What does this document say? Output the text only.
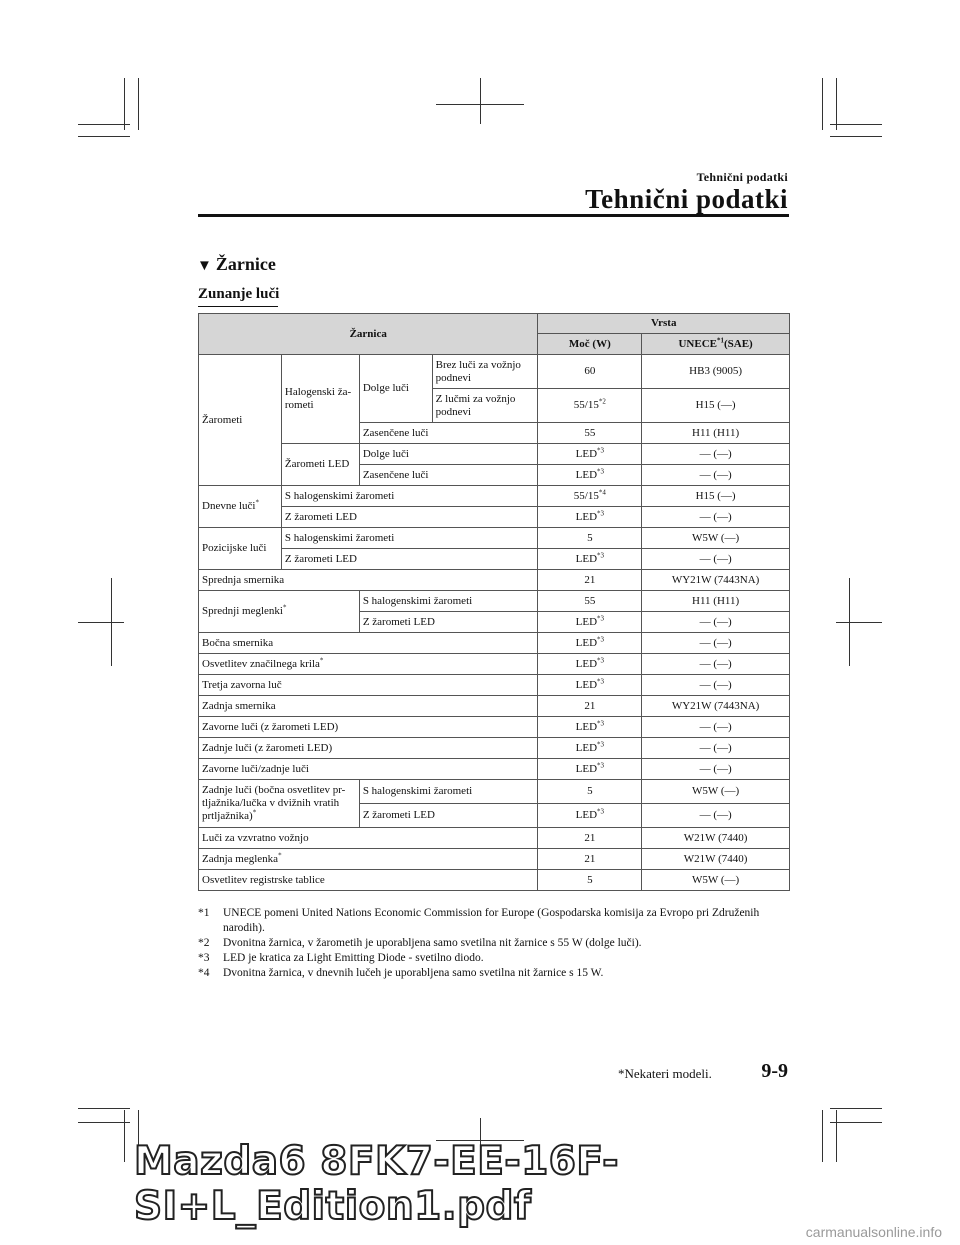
Tehnični podatki
Tehnični podatki
▼ Žarnice
Zunanje luči
Žarnica				Vrsta	
				Moč (W)	UNECE$^{*1}$(SAE)
Žarometi	Halogenski ža-rometi	Dolge luči	Brez luči za vožnjo podnevi	60	HB3 (9005)
			Z lučmi za vožnjo podnevi	55/15$^{*2}$	H15 (—)
		Zasenčene luči		55	H11 (H11)
	Žarometi LED	Dolge luči		LED$^{*3}$	— (—)
		Zasenčene luči		LED$^{*3}$	— (—)
Dnevne luči*	S halogenskimi žarometi			55/15$^{*4}$	H15 (—)
	Z žarometi LED			LED$^{*3}$	— (—)
Pozicijske luči	S halogenskimi žarometi			5	W5W (—)
	Z žarometi LED			LED$^{*3}$	— (—)
Sprednja smernika				21	WY21W (7443NA)
Sprednji meglenki*		S halogenskimi žarometi		55	H11 (H11)
		Z žarometi LED		LED$^{*3}$	— (—)
Bočna smernika				LED$^{*3}$	— (—)
Osvetlitev značilnega krila*				LED$^{*3}$	— (—)
Tretja zavorna luč				LED$^{*3}$	— (—)
Zadnja smernika				21	WY21W (7443NA)
Zavorne luči (z žarometi LED)				LED$^{*3}$	— (—)
Zadnje luči (z žarometi LED)				LED$^{*3}$	— (—)
Zavorne luči/zadnje luči				LED$^{*3}$	— (—)
Zadnje luči (bočna osvetlitev pr-tljažnika/lučka v dvižnih vratih prtljažnika)*		S halogenskimi žarometi		5	W5W (—)
		Z žarometi LED		LED$^{*3}$	— (—)
Luči za vzvratno vožnjo				21	W21W (7440)
Zadnja meglenka*				21	W21W (7440)
Osvetlitev registrske tablice				5	W5W (—)
*1	UNECE pomeni United Nations Economic Commission for Europe (Gospodarska komisija za Evropo pri Združenih narodih).
*2	Dvonitna žarnica, v žarometih je uporabljena samo svetilna nit žarnice s 55 W (dolge luči).
*3	LED je kratica za Light Emitting Diode - svetilno diodo.
*4	Dvonitna žarnica, v dnevnih lučeh je uporabljena samo svetilna nit žarnice s 15 W.
*Nekateri modeli. 9-9
Mazda6 8FK7-EE-16F-SI+L_Edition1.pdf
carmanualsonline.info
